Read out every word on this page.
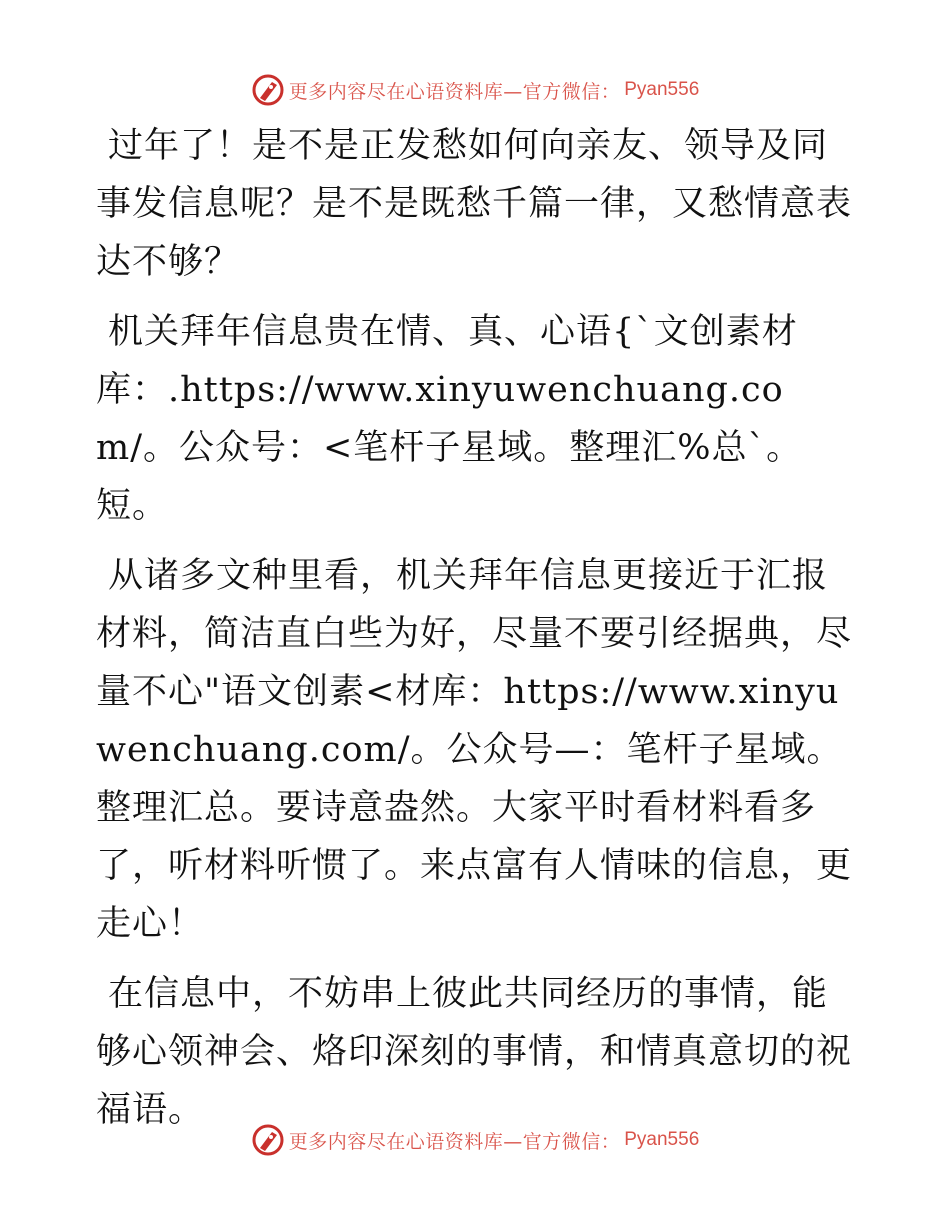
更多内容尽在心语资料库—官方微信： Pyan556

过年了！是不是正发愁如何向亲友、领导及同事发信息呢？是不是既愁千篇一律，又愁情意表达不够？

机关拜年信息贵在情、真、心语{`文创素材库：.https://www.xinyuwenchuang.com/。公众号：<笔杆子星域。整理汇%总`。短。

从诸多文种里看，机关拜年信息更接近于汇报材料，简洁直白些为好，尽量不要引经据典，尽量不心"语文创素<材库：https://www.xinyuwenchuang.com/。公众号—：笔杆子星域。整理汇总。要诗意盎然。大家平时看材料看多了，听材料听惯了。来点富有人情味的信息，更走心！

在信息中，不妨串上彼此共同经历的事情，能够心领神会、烙印深刻的事情，和情真意切的祝福语。

更多内容尽在心语资料库—官方微信： Pyan556
